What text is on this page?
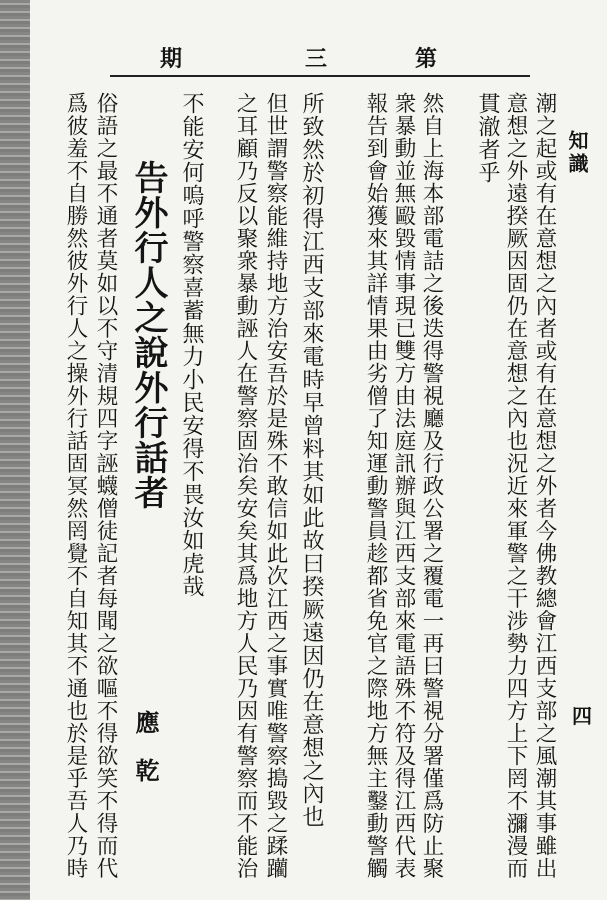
期	三	第
知識
四
潮之起或有在意想之內者或有在意想之外者今佛教總會江西支部之風潮其事雖出
意想之外遠揆厥因固仍在意想之內也況近來軍警之干涉勢力四方上下罔不瀰漫而
貫澈者乎
然自上海本部電詰之後迭得警視廳及行政公署之覆電一再曰警視分署僅爲防止聚
衆暴動並無毆毀情事現已雙方由法庭訊辦與江西支部來電語殊不符及得江西代表
報告到會始獲來其詳情果由劣僧了知運動警員趁都省免官之際地方無主鑿動警觸
所致然於初得江西支部來電時早曾料其如此故曰揆厥遠因仍在意想之內也
但世謂警察能維持地方治安吾於是殊不敢信如此次江西之事實唯警察搗毀之蹂躪
之耳顧乃反以聚衆暴動誣人在警察固治矣安矣其爲地方人民乃因有警察而不能治
不能安何嗚呼警察喜蓄無力小民安得不畏汝如虎哉
告外行人之說外行話者
應乾
俗語之最不通者莫如以不守清規四字誣蠛僧徒記者每聞之欲嘔不得欲笑不得而代
爲彼羞不自勝然彼外行人之操外行話固冥然罔覺不自知其不通也於是乎吾人乃時
